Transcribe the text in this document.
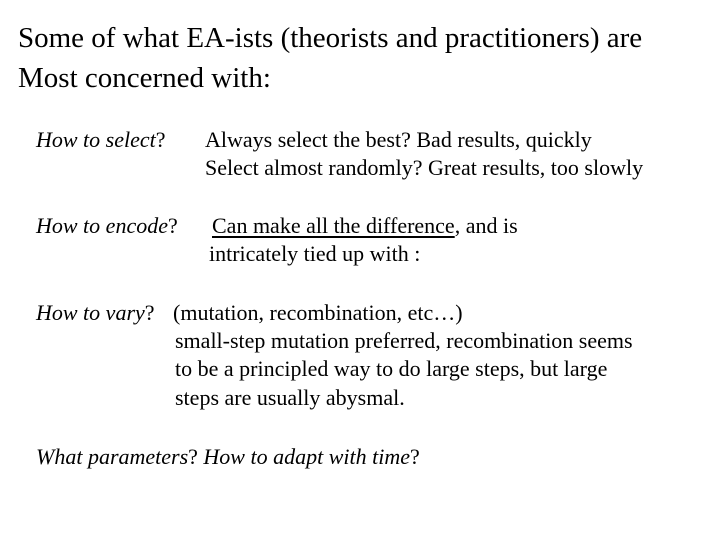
Some of what EA-ists (theorists and practitioners) are
Most concerned with:
How to select? Always select the best? Bad results, quickly
Select almost randomly? Great results, too slowly
How to encode? Can make all the difference, and is
intricately tied up with :
How to vary? (mutation, recombination, etc…)
small-step mutation preferred, recombination seems
to be a principled way to do large steps, but large
steps are usually abysmal.
What parameters? How to adapt with time?
